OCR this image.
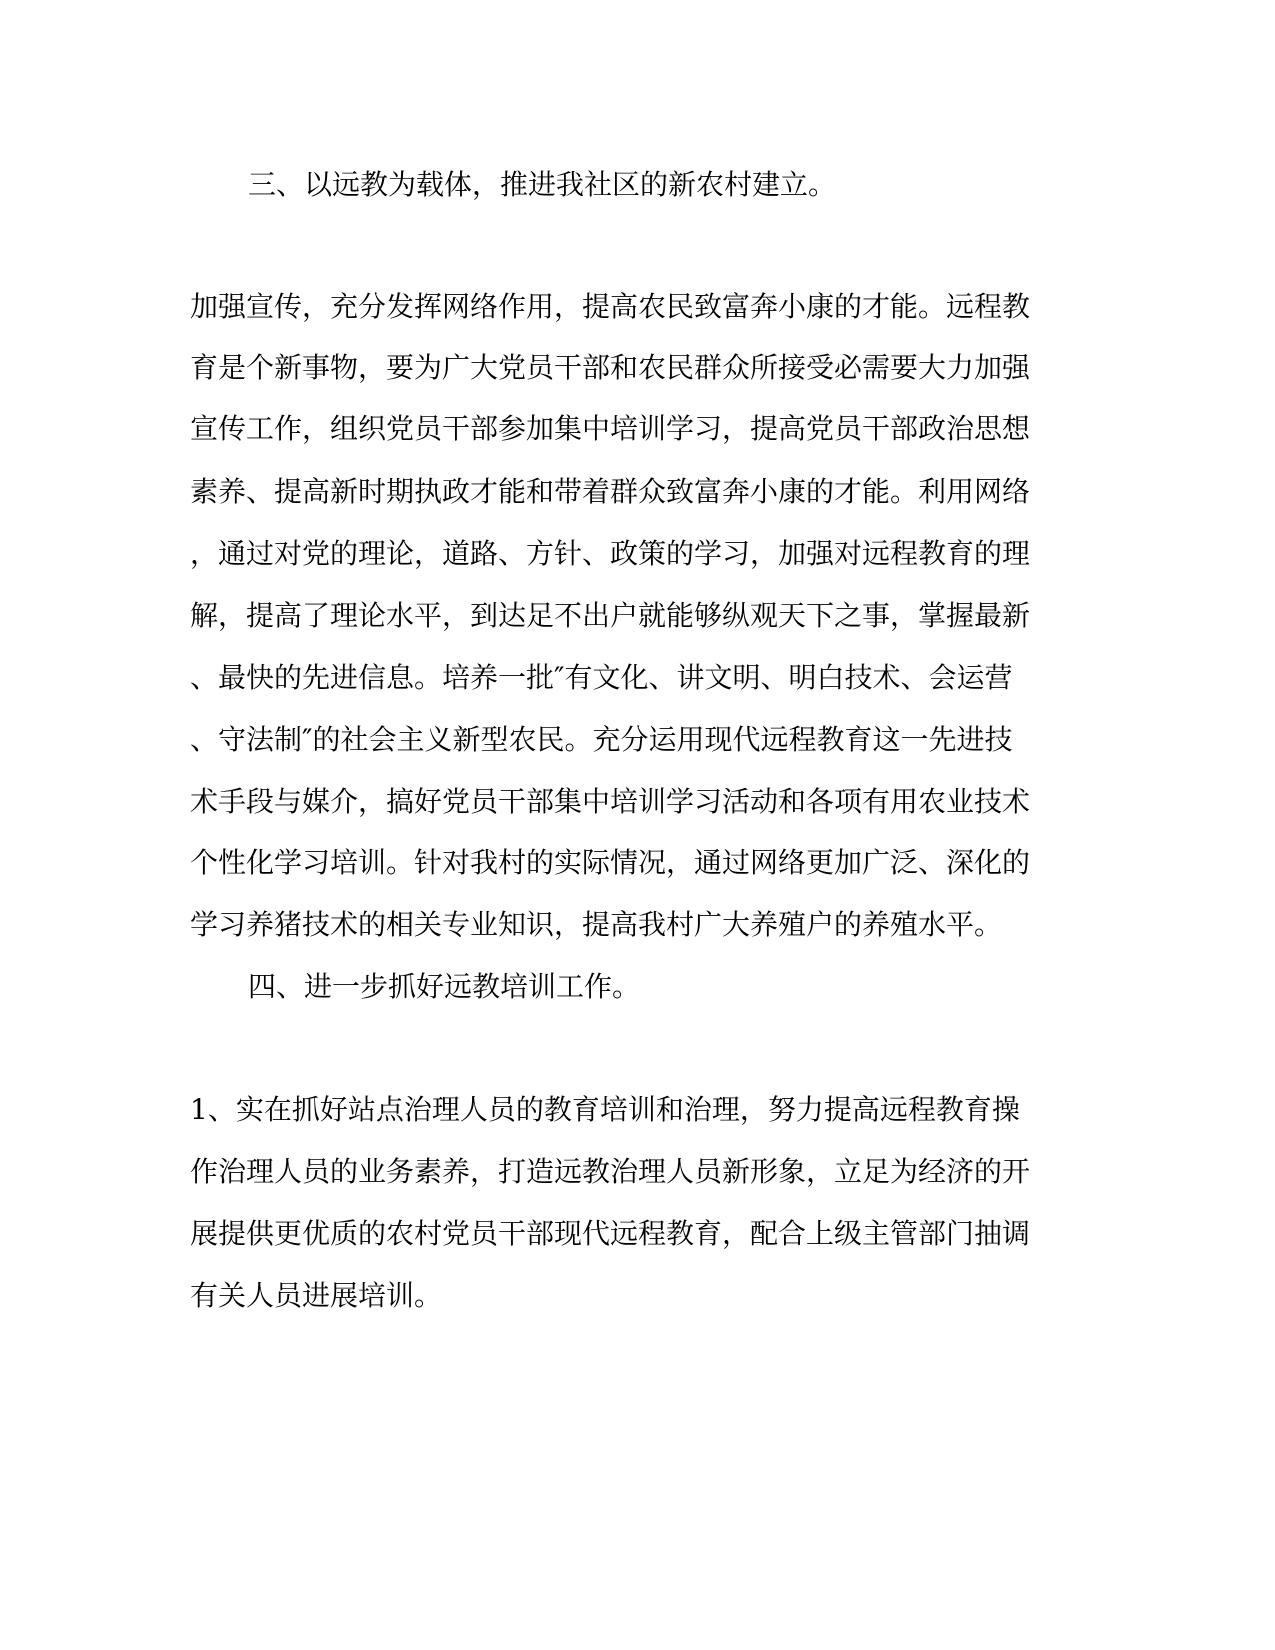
三、以远教为载体，推进我社区的新农村建立。
加强宣传，充分发挥网络作用，提高农民致富奔小康的才能。远程教
育是个新事物，要为广大党员干部和农民群众所接受必需要大力加强
宣传工作，组织党员干部参加集中培训学习，提高党员干部政治思想
素养、提高新时期执政才能和带着群众致富奔小康的才能。利用网络
，通过对党的理论，道路、方针、政策的学习，加强对远程教育的理
解，提高了理论水平，到达足不出户就能够纵观天下之事，掌握最新
、最快的先进信息。培养一批″有文化、讲文明、明白技术、会运营
、守法制″的社会主义新型农民。充分运用现代远程教育这一先进技
术手段与媒介，搞好党员干部集中培训学习活动和各项有用农业技术
个性化学习培训。针对我村的实际情况，通过网络更加广泛、深化的
学习养猪技术的相关专业知识，提高我村广大养殖户的养殖水平。
四、进一步抓好远教培训工作。
1、实在抓好站点治理人员的教育培训和治理，努力提高远程教育操
作治理人员的业务素养，打造远教治理人员新形象，立足为经济的开
展提供更优质的农村党员干部现代远程教育，配合上级主管部门抽调
有关人员进展培训。
